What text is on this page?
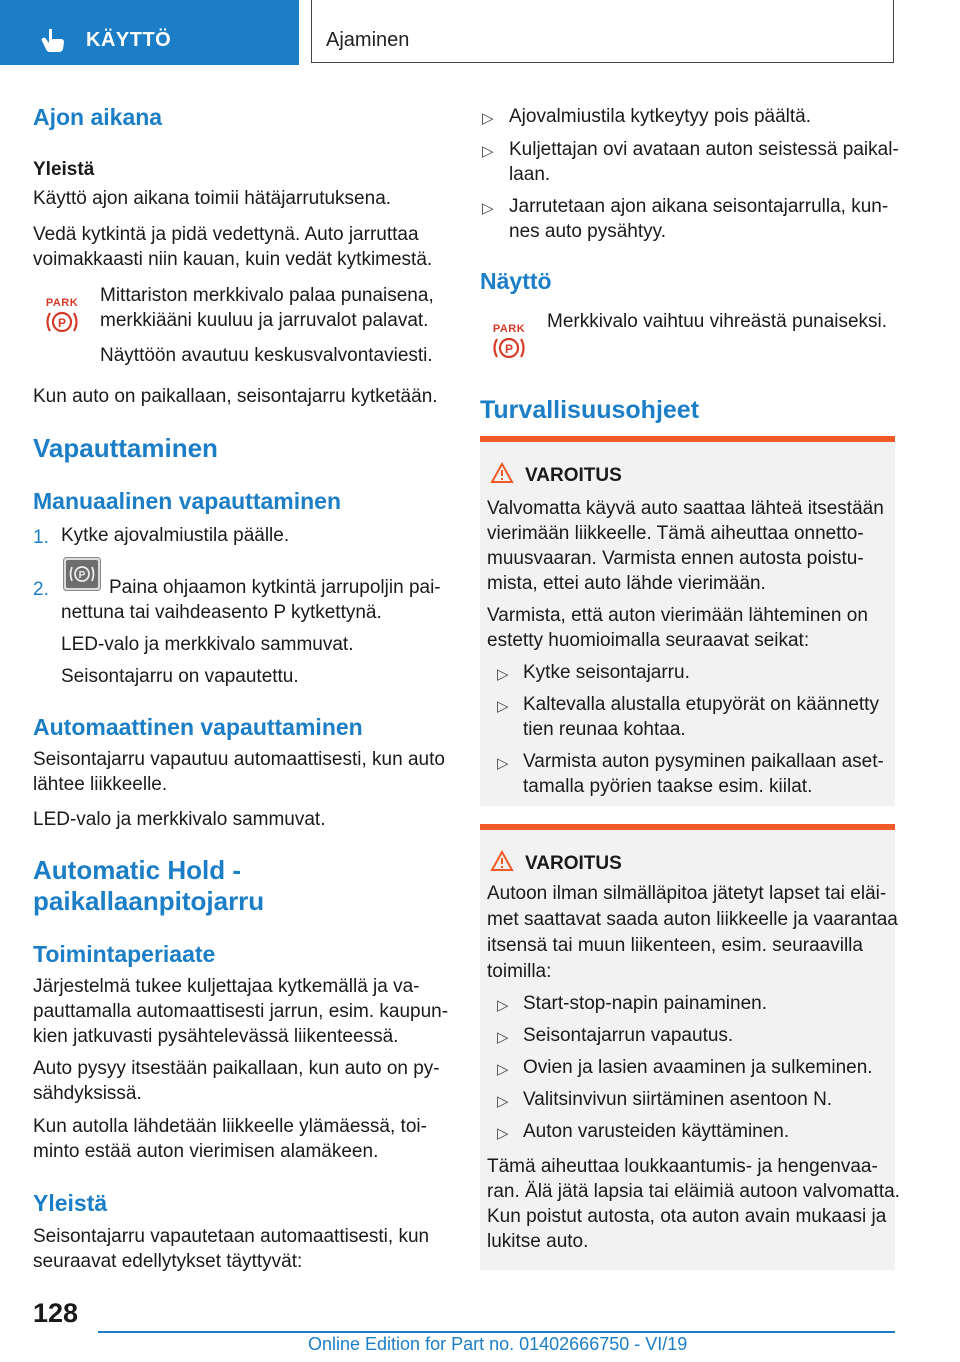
KÄYTTÖ	Ajaminen
Ajon aikana
Yleistä
Käyttö ajon aikana toimii hätäjarrutuksena.
Vedä kytkintä ja pidä vedettynä. Auto jarruttaa
voimakkaasti niin kauan, kuin vedät kytkimestä.
PARK
P
Mittariston merkkivalo palaa punaisena,
merkkiääni kuuluu ja jarruvalot palavat.
Näyttöön avautuu keskusvalvontaviesti.
Kun auto on paikallaan, seisontajarru kytketään.
Vapauttaminen
Manuaalinen vapauttaminen
1. Kytke ajovalmiustila päälle.
2.
P
Paina ohjaamon kytkintä jarrupoljin pai-
nettuna tai vaihdeasento P kytkettynä.
LED-valo ja merkkivalo sammuvat.
Seisontajarru on vapautettu.
Automaattinen vapauttaminen
Seisontajarru vapautuu automaattisesti, kun auto
lähtee liikkeelle.
LED-valo ja merkkivalo sammuvat.
Automatic Hold -
paikallaanpitojarru
Toimintaperiaate
Järjestelmä tukee kuljettajaa kytkemällä ja va-
pauttamalla automaattisesti jarrun, esim. kaupun-
kien jatkuvasti pysähtelevässä liikenteessä.
Auto pysyy itsestään paikallaan, kun auto on py-
sähdyksissä.
Kun autolla lähdetään liikkeelle ylämäessä, toi-
minto estää auton vierimisen alamäkeen.
Yleistä
Seisontajarru vapautetaan automaattisesti, kun
seuraavat edellytykset täyttyvät:
▷ Ajovalmiustila kytkeytyy pois päältä.
▷ Kuljettajan ovi avataan auton seistessä paikal-
laan.
▷ Jarrutetaan ajon aikana seisontajarrulla, kun-
nes auto pysähtyy.
Näyttö
PARK
P
Merkkivalo vaihtuu vihreästä punaiseksi.
Turvallisuusohjeet
VAROITUS
Valvomatta käyvä auto saattaa lähteä itsestään
vierimään liikkeelle. Tämä aiheuttaa onnetto-
muusvaaran. Varmista ennen autosta poistu-
mista, ettei auto lähde vierimään.
Varmista, että auton vierimään lähteminen on
estetty huomioimalla seuraavat seikat:
▷ Kytke seisontajarru.
▷ Kaltevalla alustalla etupyörät on käännetty
tien reunaa kohtaa.
▷ Varmista auton pysyminen paikallaan aset-
tamalla pyörien taakse esim. kiilat.
VAROITUS
Autoon ilman silmälläpitoa jätetyt lapset tai eläi-
met saattavat saada auton liikkeelle ja vaarantaa
itsensä tai muun liikenteen, esim. seuraavilla
toimilla:
▷ Start-stop-napin painaminen.
▷ Seisontajarrun vapautus.
▷ Ovien ja lasien avaaminen ja sulkeminen.
▷ Valitsinvivun siirtäminen asentoon N.
▷ Auton varusteiden käyttäminen.
Tämä aiheuttaa loukkaantumis- ja hengenvaa-
ran. Älä jätä lapsia tai eläimiä autoon valvomatta.
Kun poistut autosta, ota auton avain mukaasi ja
lukitse auto.
128
Online Edition for Part no. 01402666750 - VI/19
